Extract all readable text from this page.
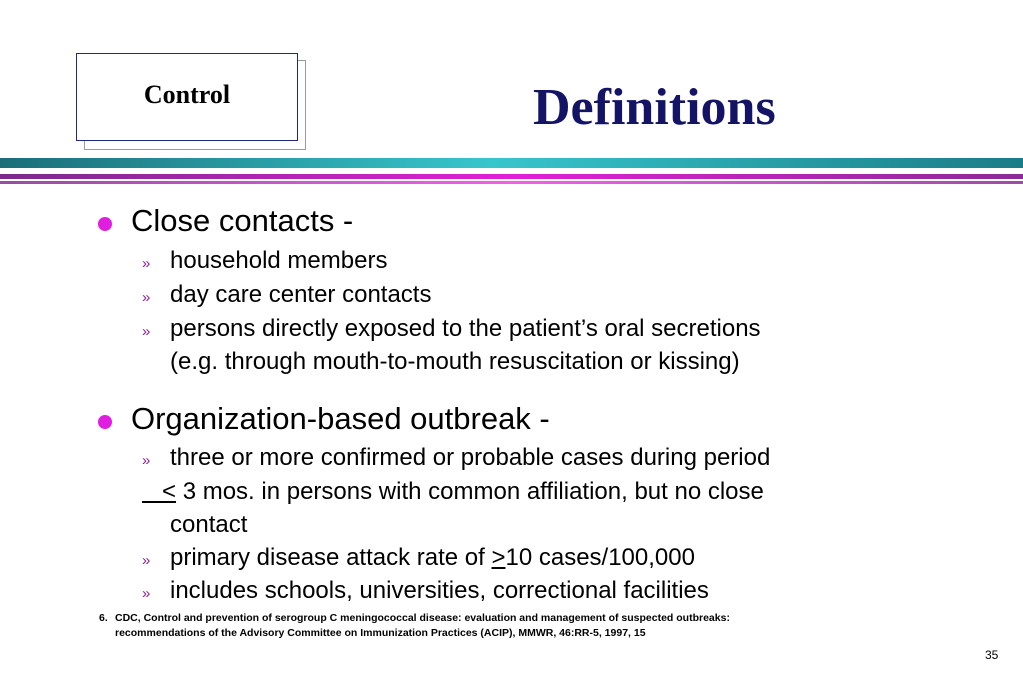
Control	Definitions
Close contacts -
» household members
» day care center contacts
» persons directly exposed to the patient’s oral secretions
(e.g. through mouth-to-mouth resuscitation or kissing)
Organization-based outbreak -
» three or more confirmed or probable cases during period
< 3 mos. in persons with common affiliation, but no close
contact
» primary disease attack rate of ≥10 cases/100,000
» includes schools, universities, correctional facilities
6. CDC, Control and prevention of serogroup C meningococcal disease: evaluation and management of suspected outbreaks:
recommendations of the Advisory Committee on Immunization Practices (ACIP), MMWR, 46:RR-5, 1997, 15
35
